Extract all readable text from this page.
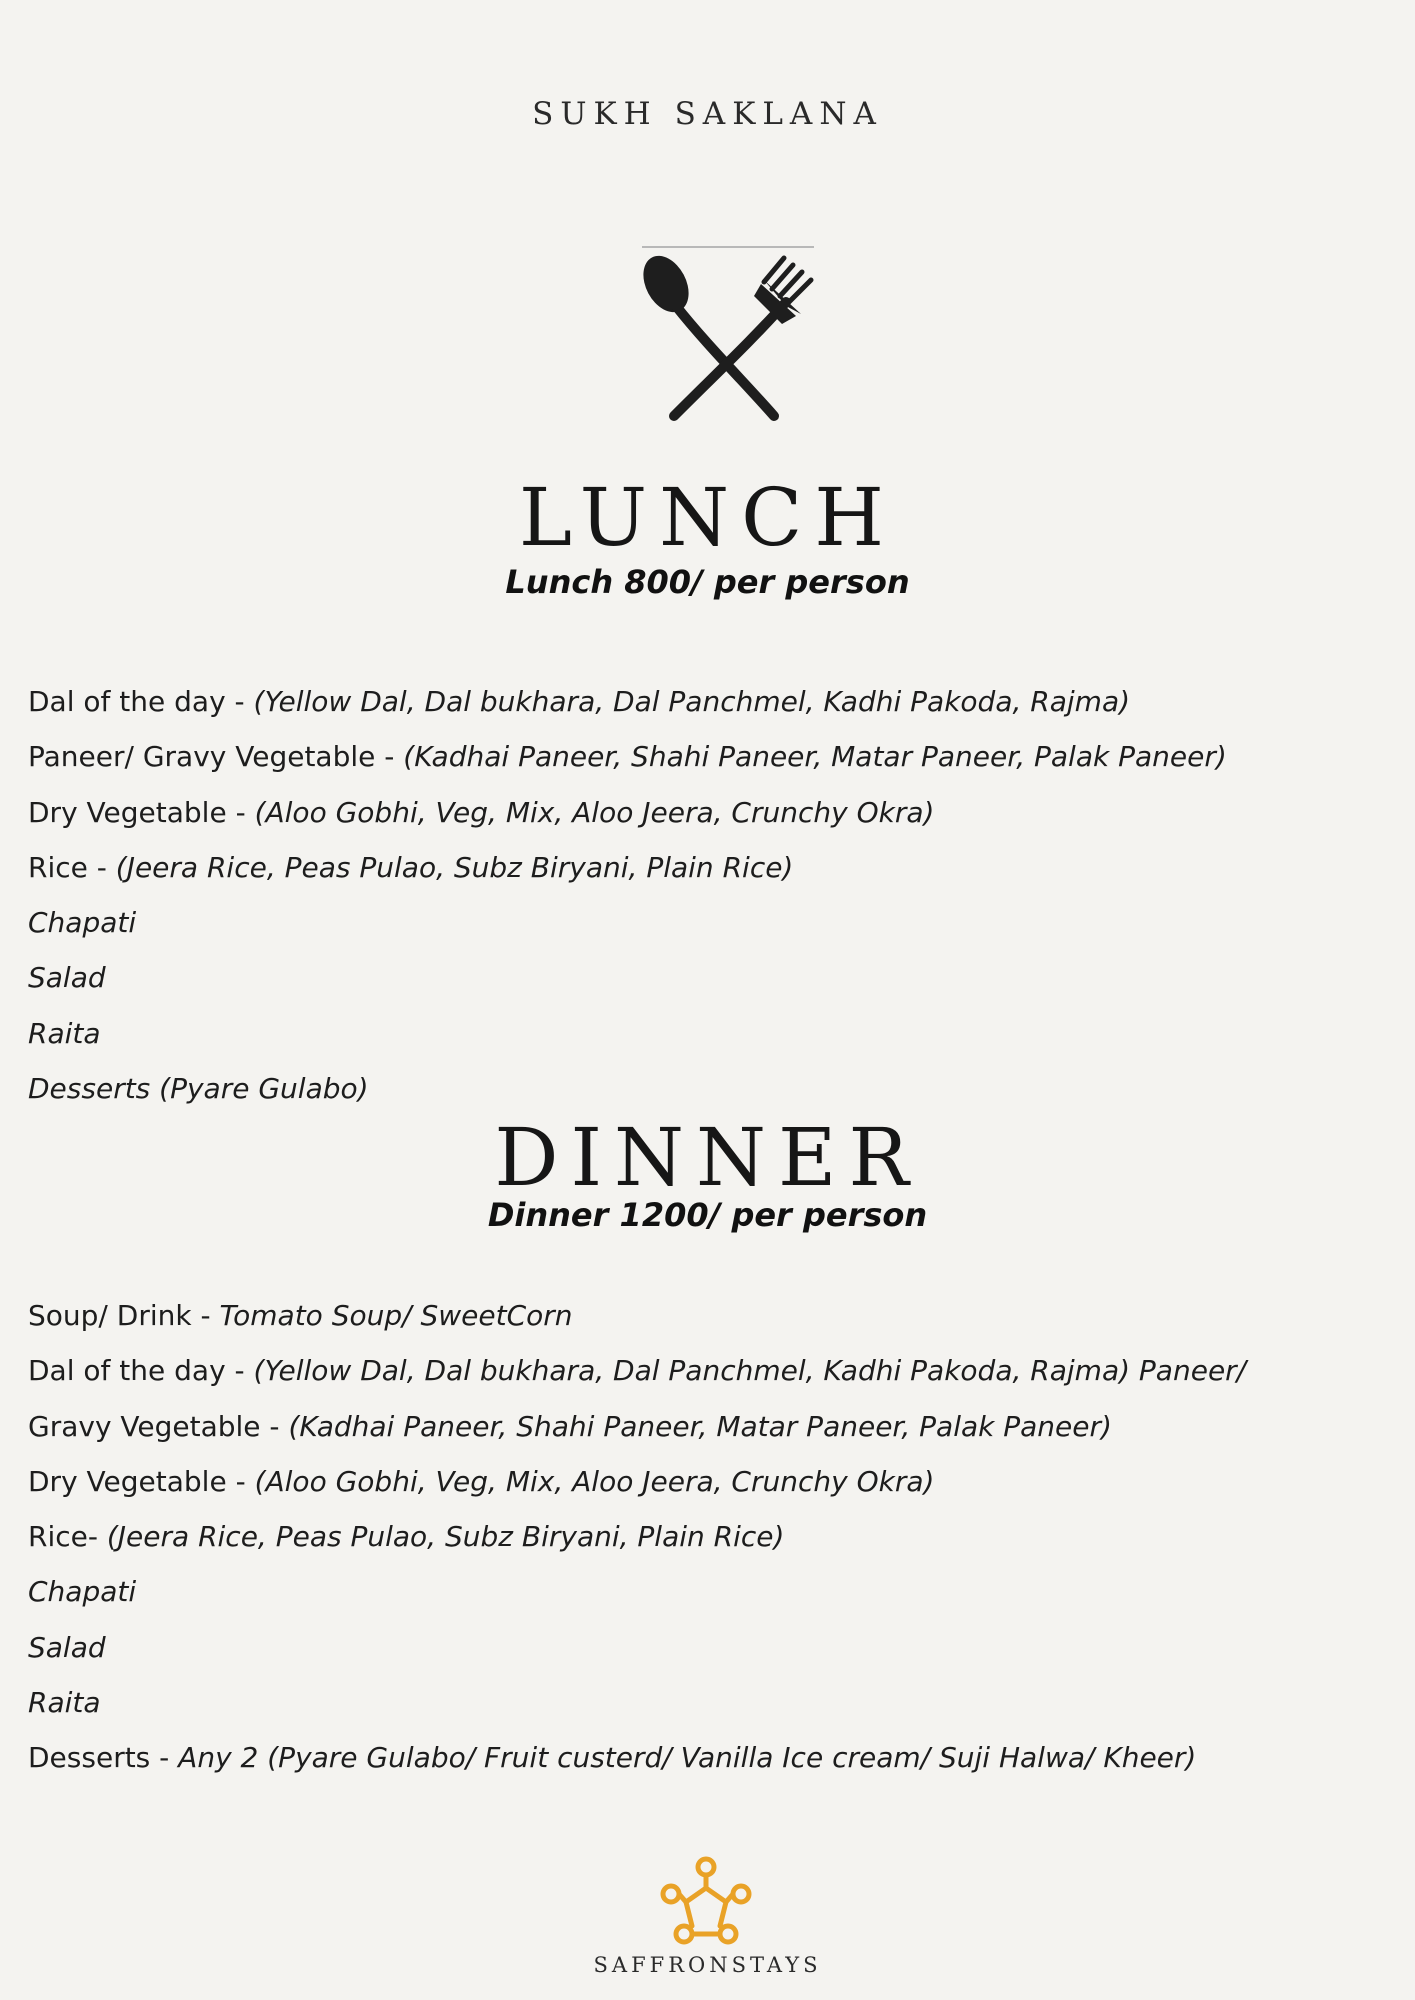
SUKH SAKLANA
LUNCH
Lunch 800/ per person
Dal of the day - (Yellow Dal, Dal bukhara, Dal Panchmel, Kadhi Pakoda, Rajma)
Paneer/ Gravy Vegetable - (Kadhai Paneer, Shahi Paneer, Matar Paneer, Palak Paneer)
Dry Vegetable - (Aloo Gobhi, Veg, Mix, Aloo Jeera, Crunchy Okra)
Rice - (Jeera Rice, Peas Pulao, Subz Biryani, Plain Rice)
Chapati
Salad
Raita
Desserts (Pyare Gulabo)
DINNER
Dinner 1200/ per person
Soup/ Drink - Tomato Soup/ SweetCorn
Dal of the day - (Yellow Dal, Dal bukhara, Dal Panchmel, Kadhi Pakoda, Rajma) Paneer/
Gravy Vegetable - (Kadhai Paneer, Shahi Paneer, Matar Paneer, Palak Paneer)
Dry Vegetable - (Aloo Gobhi, Veg, Mix, Aloo Jeera, Crunchy Okra)
Rice- (Jeera Rice, Peas Pulao, Subz Biryani, Plain Rice)
Chapati
Salad
Raita
Desserts - Any 2 (Pyare Gulabo/ Fruit custerd/ Vanilla Ice cream/ Suji Halwa/ Kheer)
SAFFRONSTAYS
